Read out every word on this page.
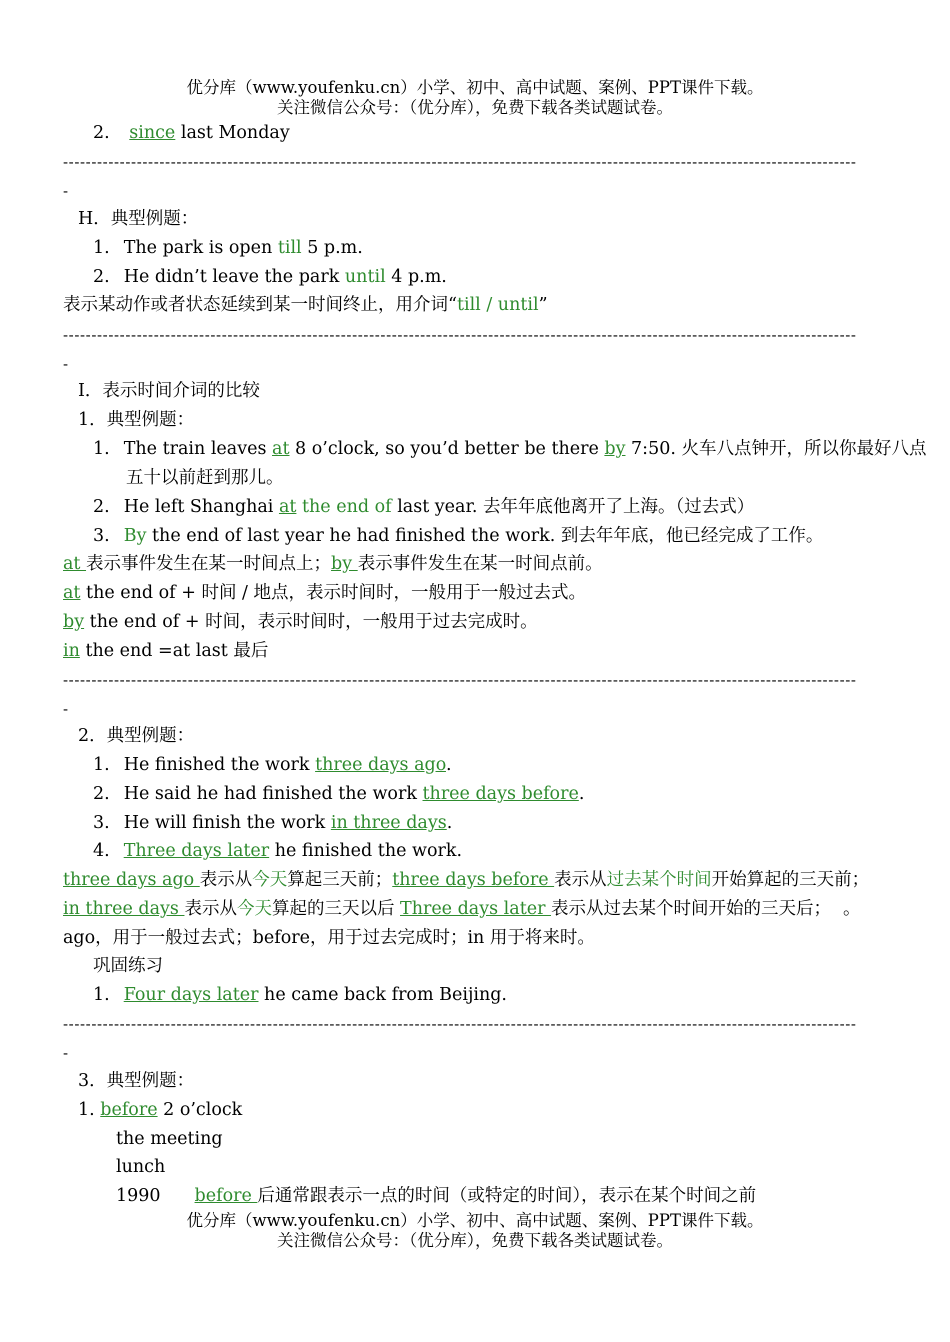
优分库（www.youfenku.cn）小学、初中、高中试题、案例、PPT课件下载。
关注微信公众号：（优分库），免费下载各类试题试卷。
2. since last Monday
--------------------------------------------------------------------------------------------------------------------------------------------
-
H．典型例题：
1. The park is open till 5 p.m.
2. He didn’t leave the park until 4 p.m.
表示某动作或者状态延续到某一时间终止，用介词“till / until”
--------------------------------------------------------------------------------------------------------------------------------------------
-
I．表示时间介词的比较
1．典型例题：
1. The train leaves at 8 o’clock, so you’d better be there by 7:50. 火车八点钟开，所以你最好八点
五十以前赶到那儿。
2. He left Shanghai at the end of last year. 去年年底他离开了上海。（过去式）
3. By the end of last year he had finished the work. 到去年年底，他已经完成了工作。
at 表示事件发生在某一时间点上；by 表示事件发生在某一时间点前。
at the end of + 时间 / 地点，表示时间时，一般用于一般过去式。
by the end of + 时间，表示时间时，一般用于过去完成时。
in the end =at last 最后
--------------------------------------------------------------------------------------------------------------------------------------------
-
2．典型例题：
1. He finished the work three days ago.
2. He said he had finished the work three days before.
3. He will finish the work in three days.
4. Three days later he finished the work.
three days ago 表示从今天算起三天前；three days before 表示从过去某个时间开始算起的三天前；
in three days 表示从今天算起的三天以后 Three days later 表示从过去某个时间开始的三天后； 。
ago，用于一般过去式；before，用于过去完成时；in 用于将来时。
巩固练习
1. Four days later he came back from Beijing.
--------------------------------------------------------------------------------------------------------------------------------------------
-
3．典型例题：
1. before 2 o’clock
the meeting
lunch
1990 before 后通常跟表示一点的时间（或特定的时间），表示在某个时间之前
优分库（www.youfenku.cn）小学、初中、高中试题、案例、PPT课件下载。
关注微信公众号：（优分库），免费下载各类试题试卷。
